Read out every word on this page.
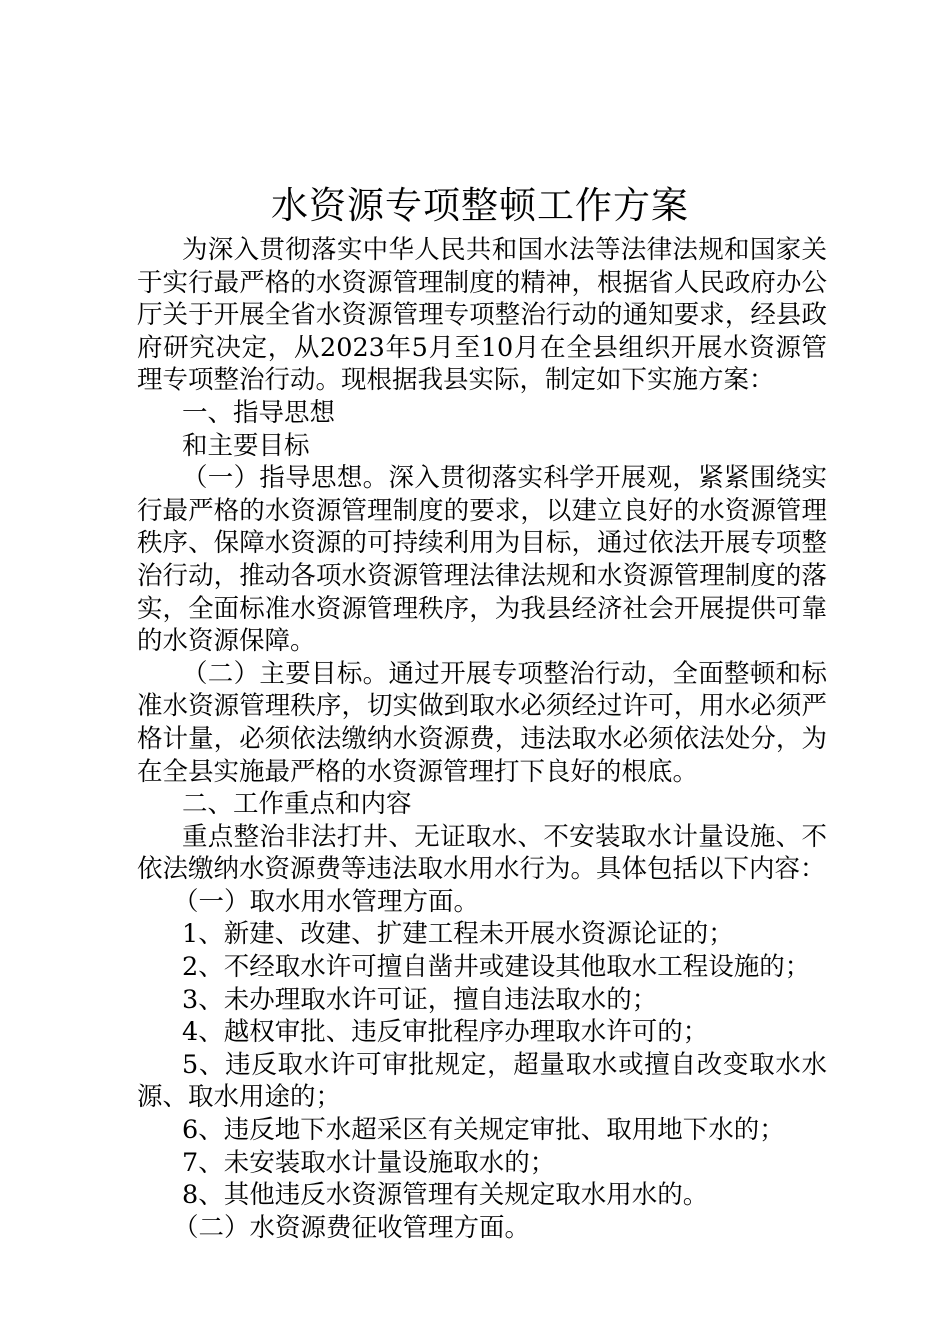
水资源专项整顿工作方案

为深入贯彻落实中华人民共和国水法等法律法规和国家关于实行最严格的水资源管理制度的精神，根据省人民政府办公厅关于开展全省水资源管理专项整治行动的通知要求，经县政府研究决定，从2023年5月至10月在全县组织开展水资源管理专项整治行动。现根据我县实际，制定如下实施方案：

一、指导思想

和主要目标

（一）指导思想。深入贯彻落实科学开展观，紧紧围绕实行最严格的水资源管理制度的要求，以建立良好的水资源管理秩序、保障水资源的可持续利用为目标，通过依法开展专项整治行动，推动各项水资源管理法律法规和水资源管理制度的落实，全面标准水资源管理秩序，为我县经济社会开展提供可靠的水资源保障。

（二）主要目标。通过开展专项整治行动，全面整顿和标准水资源管理秩序，切实做到取水必须经过许可，用水必须严格计量，必须依法缴纳水资源费，违法取水必须依法处分，为在全县实施最严格的水资源管理打下良好的根底。

二、工作重点和内容

重点整治非法打井、无证取水、不安装取水计量设施、不依法缴纳水资源费等违法取水用水行为。具体包括以下内容：

（一）取水用水管理方面。

1、新建、改建、扩建工程未开展水资源论证的；

2、不经取水许可擅自凿井或建设其他取水工程设施的；

3、未办理取水许可证，擅自违法取水的；

4、越权审批、违反审批程序办理取水许可的；

5、违反取水许可审批规定，超量取水或擅自改变取水水源、取水用途的；

6、违反地下水超采区有关规定审批、取用地下水的；

7、未安装取水计量设施取水的；

8、其他违反水资源管理有关规定取水用水的。

（二）水资源费征收管理方面。
